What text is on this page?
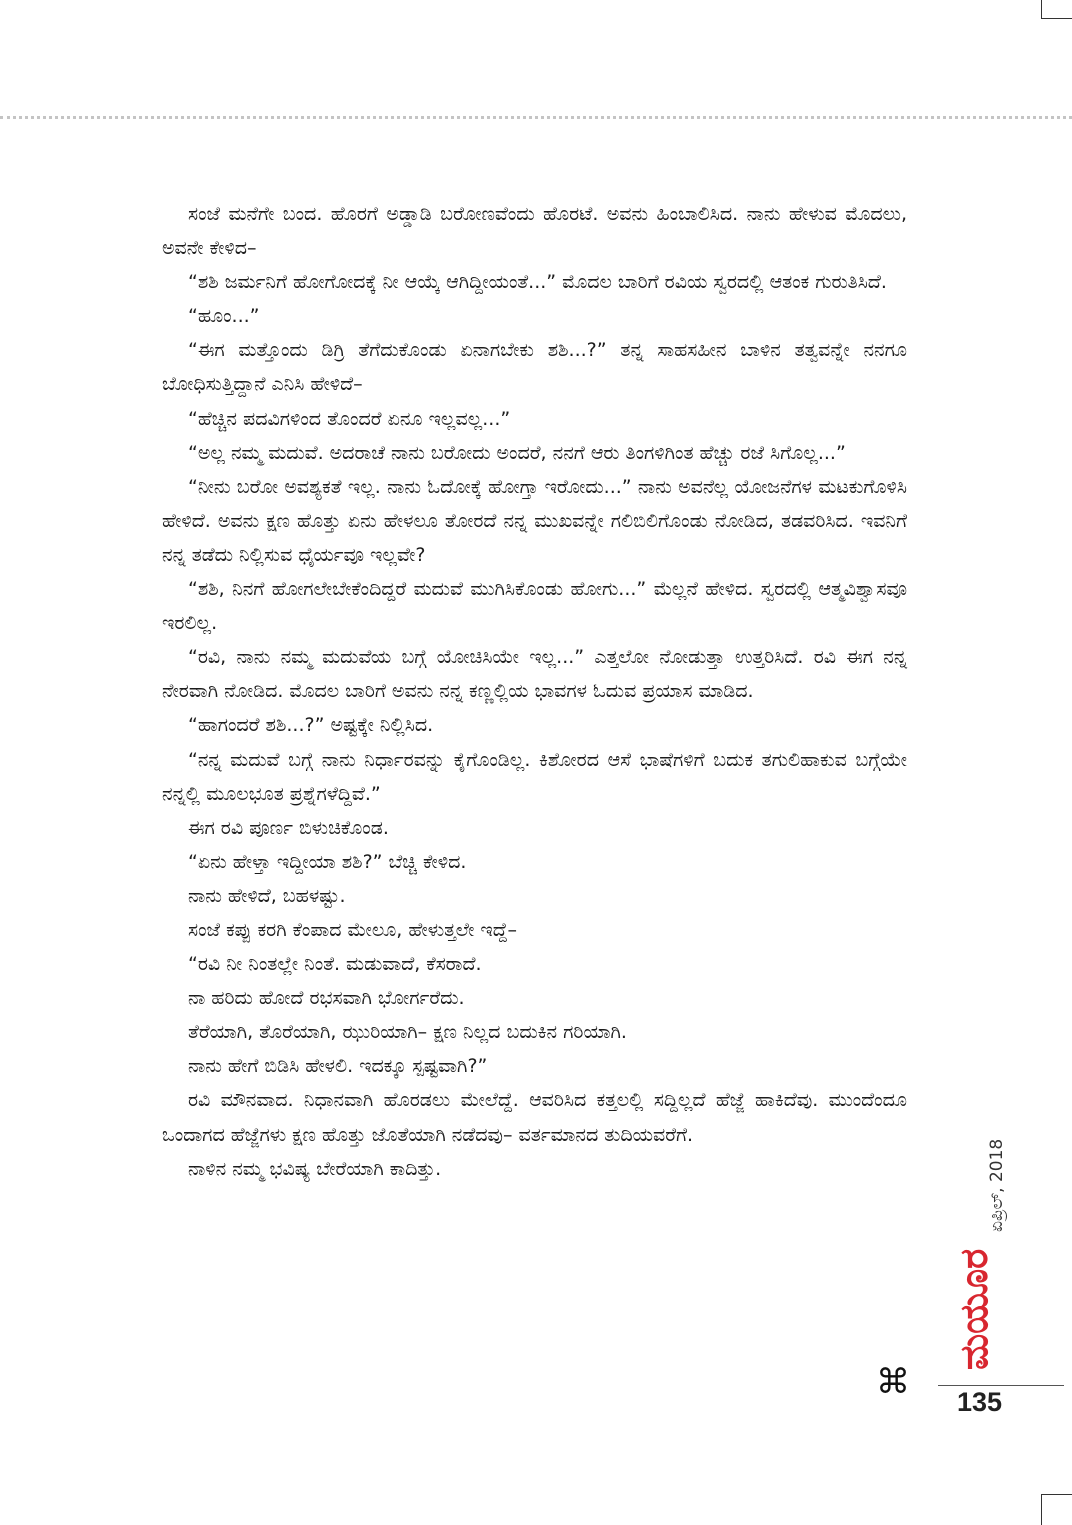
ಸಂಜೆ ಮನೆಗೇ ಬಂದ. ಹೊರಗೆ ಅಡ್ಡಾಡಿ ಬರೋಣವೆಂದು ಹೊರಟೆ. ಅವನು ಹಿಂಬಾಲಿಸಿದ. ನಾನು ಹೇಳುವ ಮೊದಲು, ಅವನೇ ಕೇಳಿದ–

“ಶಶಿ ಜರ್ಮನಿಗೆ ಹೋಗೋದಕ್ಕೆ ನೀ ಆಯ್ಕೆ ಆಗಿದ್ದೀಯಂತೆ...” ಮೊದಲ ಬಾರಿಗೆ ರವಿಯ ಸ್ವರದಲ್ಲಿ ಆತಂಕ ಗುರುತಿಸಿದೆ.

“ಹೂಂ...”

“ಈಗ ಮತ್ತೊಂದು ಡಿಗ್ರಿ ತೆಗೆದುಕೊಂಡು ಏನಾಗಬೇಕು ಶಶಿ...?” ತನ್ನ ಸಾಹಸಹೀನ ಬಾಳಿನ ತತ್ವವನ್ನೇ ನನಗೂ ಬೋಧಿಸುತ್ತಿದ್ದಾನೆ ಎನಿಸಿ ಹೇಳಿದೆ–

“ಹೆಚ್ಚಿನ ಪದವಿಗಳಿಂದ ತೊಂದರೆ ಏನೂ ಇಲ್ಲವಲ್ಲ...”

“ಅಲ್ಲ ನಮ್ಮ ಮದುವೆ. ಅದರಾಚೆ ನಾನು ಬರೋದು ಅಂದರೆ, ನನಗೆ ಆರು ತಿಂಗಳಿಗಿಂತ ಹೆಚ್ಚು ರಜೆ ಸಿಗೊಲ್ಲ...”

“ನೀನು ಬರೋ ಅವಶ್ಯಕತೆ ಇಲ್ಲ. ನಾನು ಓದೋಕ್ಕೆ ಹೋಗ್ತಾ ಇರೋದು...” ನಾನು ಅವನೆಲ್ಲ ಯೋಜನೆಗಳ ಮಟಕುಗೊಳಿಸಿ ಹೇಳಿದೆ. ಅವನು ಕ್ಷಣ ಹೊತ್ತು ಏನು ಹೇಳಲೂ ತೋರದೆ ನನ್ನ ಮುಖವನ್ನೇ ಗಲಿಬಿಲಿಗೊಂಡು ನೋಡಿದ, ತಡವರಿಸಿದ. ಇವನಿಗೆ ನನ್ನ ತಡೆದು ನಿಲ್ಲಿಸುವ ಧೈರ್ಯವೂ ಇಲ್ಲವೇ?

“ಶಶಿ, ನಿನಗೆ ಹೋಗಲೇಬೇಕೆಂದಿದ್ದರೆ ಮದುವೆ ಮುಗಿಸಿಕೊಂಡು ಹೋಗು...” ಮೆಲ್ಲನೆ ಹೇಳಿದ. ಸ್ವರದಲ್ಲಿ ಆತ್ಮವಿಶ್ವಾಸವೂ ಇರಲಿಲ್ಲ.

“ರವಿ, ನಾನು ನಮ್ಮ ಮದುವೆಯ ಬಗ್ಗೆ ಯೋಚಿಸಿಯೇ ಇಲ್ಲ...” ಎತ್ತಲೋ ನೋಡುತ್ತಾ ಉತ್ತರಿಸಿದೆ. ರವಿ ಈಗ ನನ್ನ ನೇರವಾಗಿ ನೋಡಿದ. ಮೊದಲ ಬಾರಿಗೆ ಅವನು ನನ್ನ ಕಣ್ಣಲ್ಲಿಯ ಭಾವಗಳ ಓದುವ ಪ್ರಯಾಸ ಮಾಡಿದ.

“ಹಾಗಂದರೆ ಶಶಿ...?” ಅಷ್ಟಕ್ಕೇ ನಿಲ್ಲಿಸಿದ.

“ನನ್ನ ಮದುವೆ ಬಗ್ಗೆ ನಾನು ನಿರ್ಧಾರವನ್ನು ಕೈಗೊಂಡಿಲ್ಲ. ಕಿಶೋರದ ಆಸೆ ಭಾಷೆಗಳಿಗೆ ಬದುಕ ತಗುಲಿಹಾಕುವ ಬಗ್ಗೆಯೇ ನನ್ನಲ್ಲಿ ಮೂಲಭೂತ ಪ್ರಶ್ನೆಗಳೆದ್ದಿವೆ.”

ಈಗ ರವಿ ಪೂರ್ಣ ಬಿಳುಚಿಕೊಂಡ.

“ಏನು ಹೇಳ್ತಾ ಇದ್ದೀಯಾ ಶಶಿ?” ಬೆಚ್ಚಿ ಕೇಳಿದ.

ನಾನು ಹೇಳಿದೆ, ಬಹಳಷ್ಟು.

ಸಂಜೆ ಕಪ್ಪು ಕರಗಿ ಕೆಂಪಾದ ಮೇಲೂ, ಹೇಳುತ್ತಲೇ ಇದ್ದೆ–

“ರವಿ ನೀ ನಿಂತಲ್ಲೇ ನಿಂತೆ. ಮಡುವಾದೆ, ಕೆಸರಾದೆ.

ನಾ ಹರಿದು ಹೋದೆ ರಭಸವಾಗಿ ಭೋರ್ಗರೆದು.

ತೆರೆಯಾಗಿ, ತೊರೆಯಾಗಿ, ಝುರಿಯಾಗಿ– ಕ್ಷಣ ನಿಲ್ಲದ ಬದುಕಿನ ಗರಿಯಾಗಿ.

ನಾನು ಹೇಗೆ ಬಿಡಿಸಿ ಹೇಳಲಿ. ಇದಕ್ಕೂ ಸ್ಪಷ್ಟವಾಗಿ?”

ರವಿ ಮೌನವಾದ. ನಿಧಾನವಾಗಿ ಹೊರಡಲು ಮೇಲೆದ್ದೆ. ಆವರಿಸಿದ ಕತ್ತಲಲ್ಲಿ ಸದ್ದಿಲ್ಲದೆ ಹೆಜ್ಜೆ ಹಾಕಿದೆವು. ಮುಂದೆಂದೂ ಒಂದಾಗದ ಹೆಜ್ಜೆಗಳು ಕ್ಷಣ ಹೊತ್ತು ಜೊತೆಯಾಗಿ ನಡೆದವು– ವರ್ತಮಾನದ ತುದಿಯವರೆಗೆ.

ನಾಳಿನ ನಮ್ಮ ಭವಿಷ್ಯ ಬೇರೆಯಾಗಿ ಕಾದಿತ್ತು.

⌘
ಏಪ್ರಿಲ್, 2018
ಮಯೂರ
135
